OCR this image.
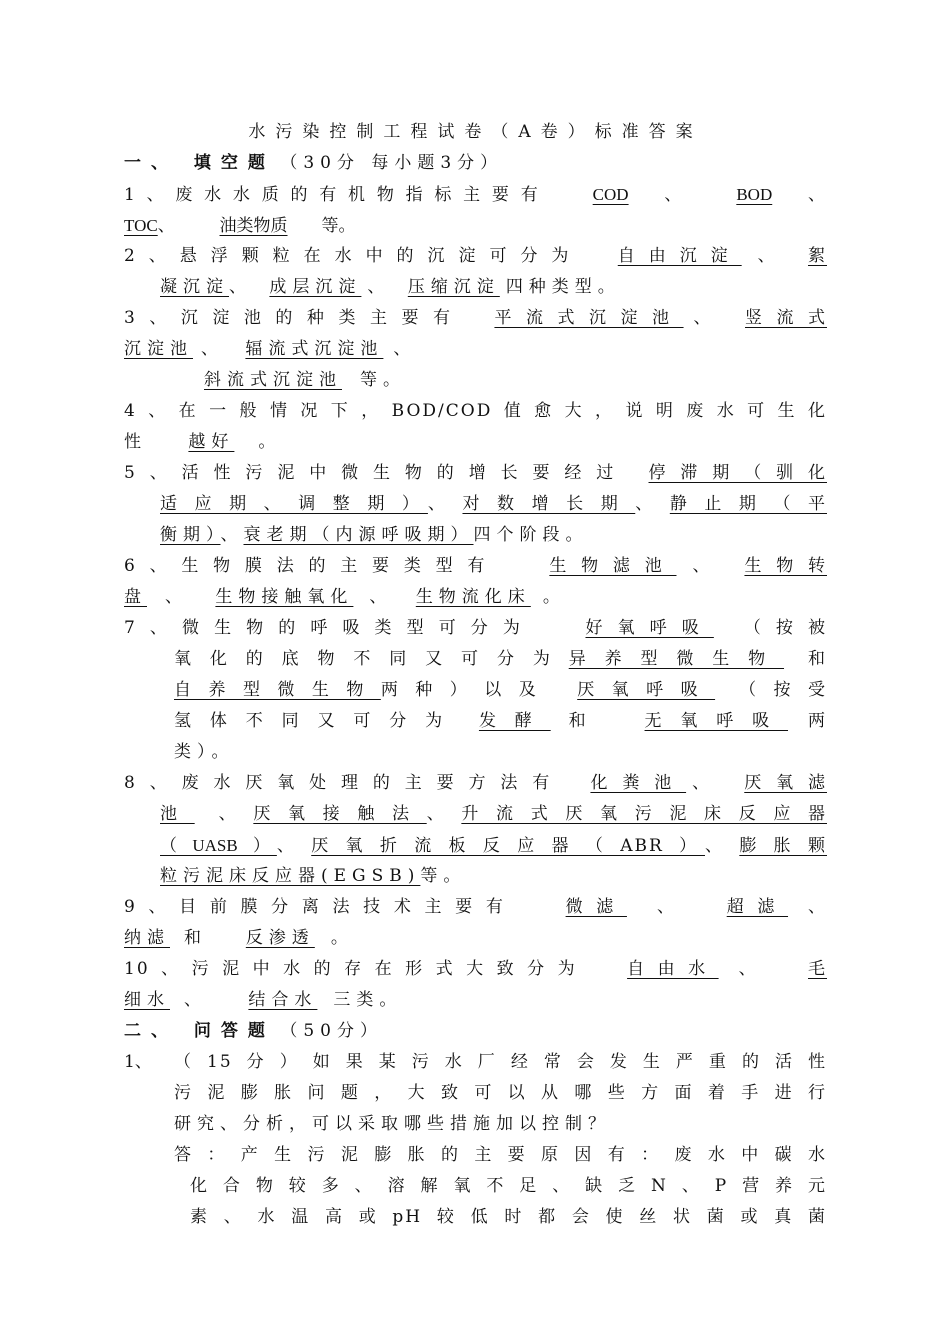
水污染控制工程试卷（A卷）标准答案
一、 填空题 （30分 每小题3分）
1、废水水质的有机物指标主要有	COD 、	BOD 、
TOC、	油类物质 等。
2、悬浮颗粒在水中的沉淀可分为 自由沉淀 、 絮
凝沉淀、 成层沉淀 、 压缩沉淀 四种类型。
3、沉淀池的种类主要有 平流式沉淀池 、 竖流式
沉淀池 、 辐流式沉淀池 、
斜流式沉淀池 等。
4、在一般情况下，BOD/COD值愈大，说明废水可生化
性 越好 。
5、活性污泥中微生物的增长要经过 停滞期（驯化
适应期、调整期）、对数增长期、静止期（平
衡期）、衰老期（内源呼吸期）四个阶段。
6、生物膜法的主要类型有	生物滤池 、 生物转
盘 、 生物接触氧化 、 生物流化床 。
7、微生物的呼吸类型可分为	好氧呼吸 （按被
氧化的底物不同又可分为异养型微生物 和
自养型微生物两种）以及 厌氧呼吸 （按受
氢体不同又可分为 发酵 和 无氧呼吸 两
类）。
8、废水厌氧处理的主要方法有 化粪池 、 厌氧滤
池 、厌氧接触法、升流式厌氧污泥床反应器
（UASB）、厌氧折流板反应器（ABR）、膨胀颗
粒污泥床反应器(EGSB)等。
9、目前膜分离法技术主要有	微滤 、 超滤 、
纳滤 和 反渗透 。
10、污泥中水的存在形式大致分为 自由水 、 毛
细水 、 结合水 三类。
二、 问答题 （50分）
1、	（15分）如果某污水厂经常会发生严重的活性
污泥膨胀问题，大致可以从哪些方面着手进行
研究、分析，可以采取哪些措施加以控制？
答：产生污泥膨胀的主要原因有：废水中碳水
化合物较多、溶解氧不足、缺乏N、P营养元
素、水温高或pH较低时都会使丝状菌或真菌
